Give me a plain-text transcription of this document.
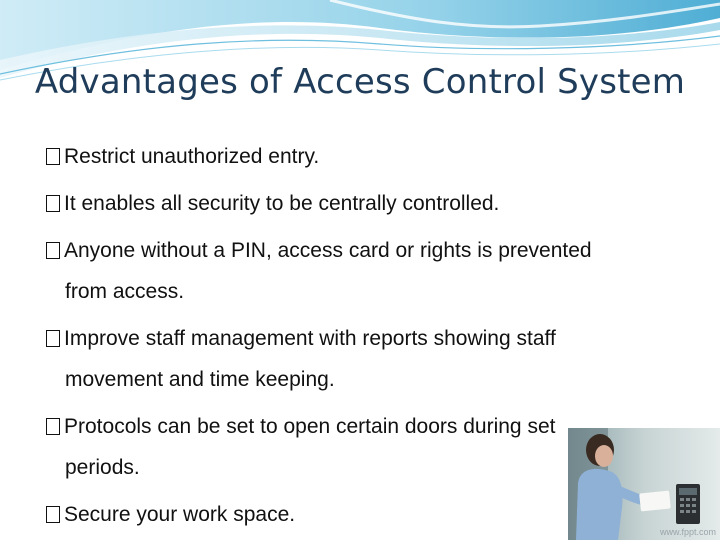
Advantages of Access Control System
Restrict unauthorized entry.
It enables all security to be centrally controlled.
Anyone without a PIN, access card or rights is prevented
from access.
Improve staff management with reports showing staff
movement and time keeping.
Protocols can be set to open certain doors during set
periods.
Secure your work space.
www.fppt.com
